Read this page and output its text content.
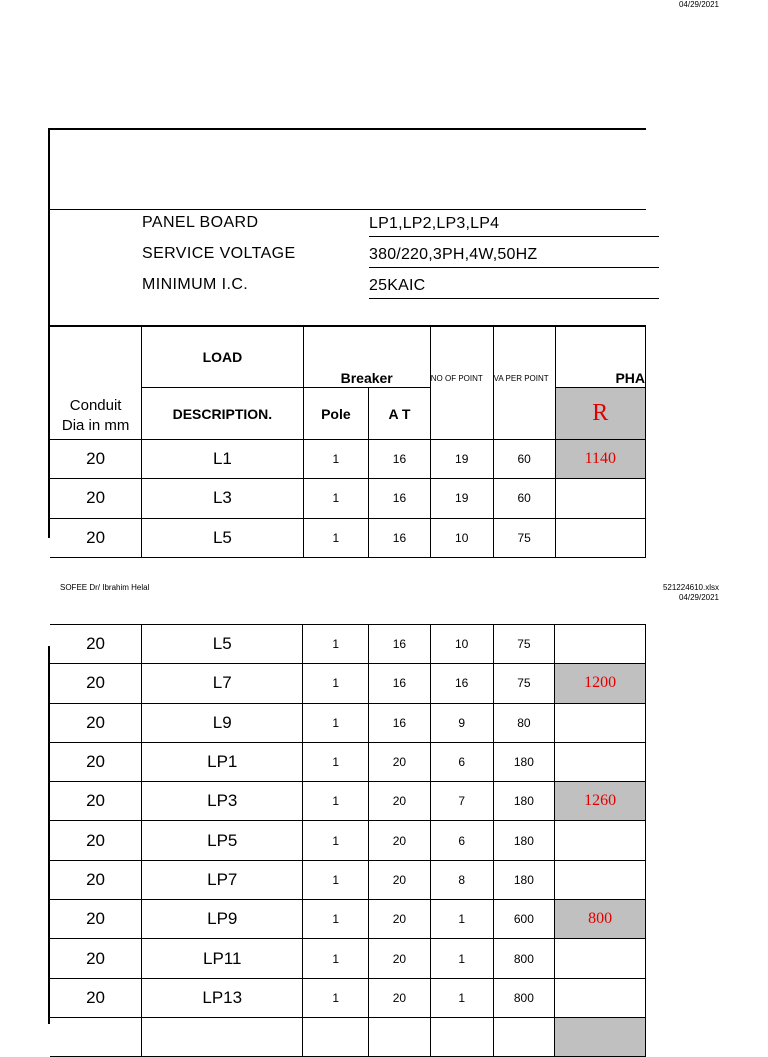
04/29/2021
PANEL BOARD	LP1,LP2,LP3,LP4
SERVICE VOLTAGE	380/220,3PH,4W,50HZ
MINIMUM I.C.	25KAIC
Conduit
Dia in mm	LOAD	Breaker		NO OF POINT	VA PER POINT	PHA
	DESCRIPTION.	Pole	A T			R
20	L1	1	16	19	60	1140
20	L3	1	16	19	60	
20	L5	1	16	10	75	
SOFEE Dr/ Ibrahim Helal	521224610.xlsx
04/29/2021
20	L5	1	16	10	75	
20	L7	1	16	16	75	1200
20	L9	1	16	9	80	
20	LP1	1	20	6	180	
20	LP3	1	20	7	180	1260
20	LP5	1	20	6	180	
20	LP7	1	20	8	180	
20	LP9	1	20	1	600	800
20	LP11	1	20	1	800	
20	LP13	1	20	1	800	
